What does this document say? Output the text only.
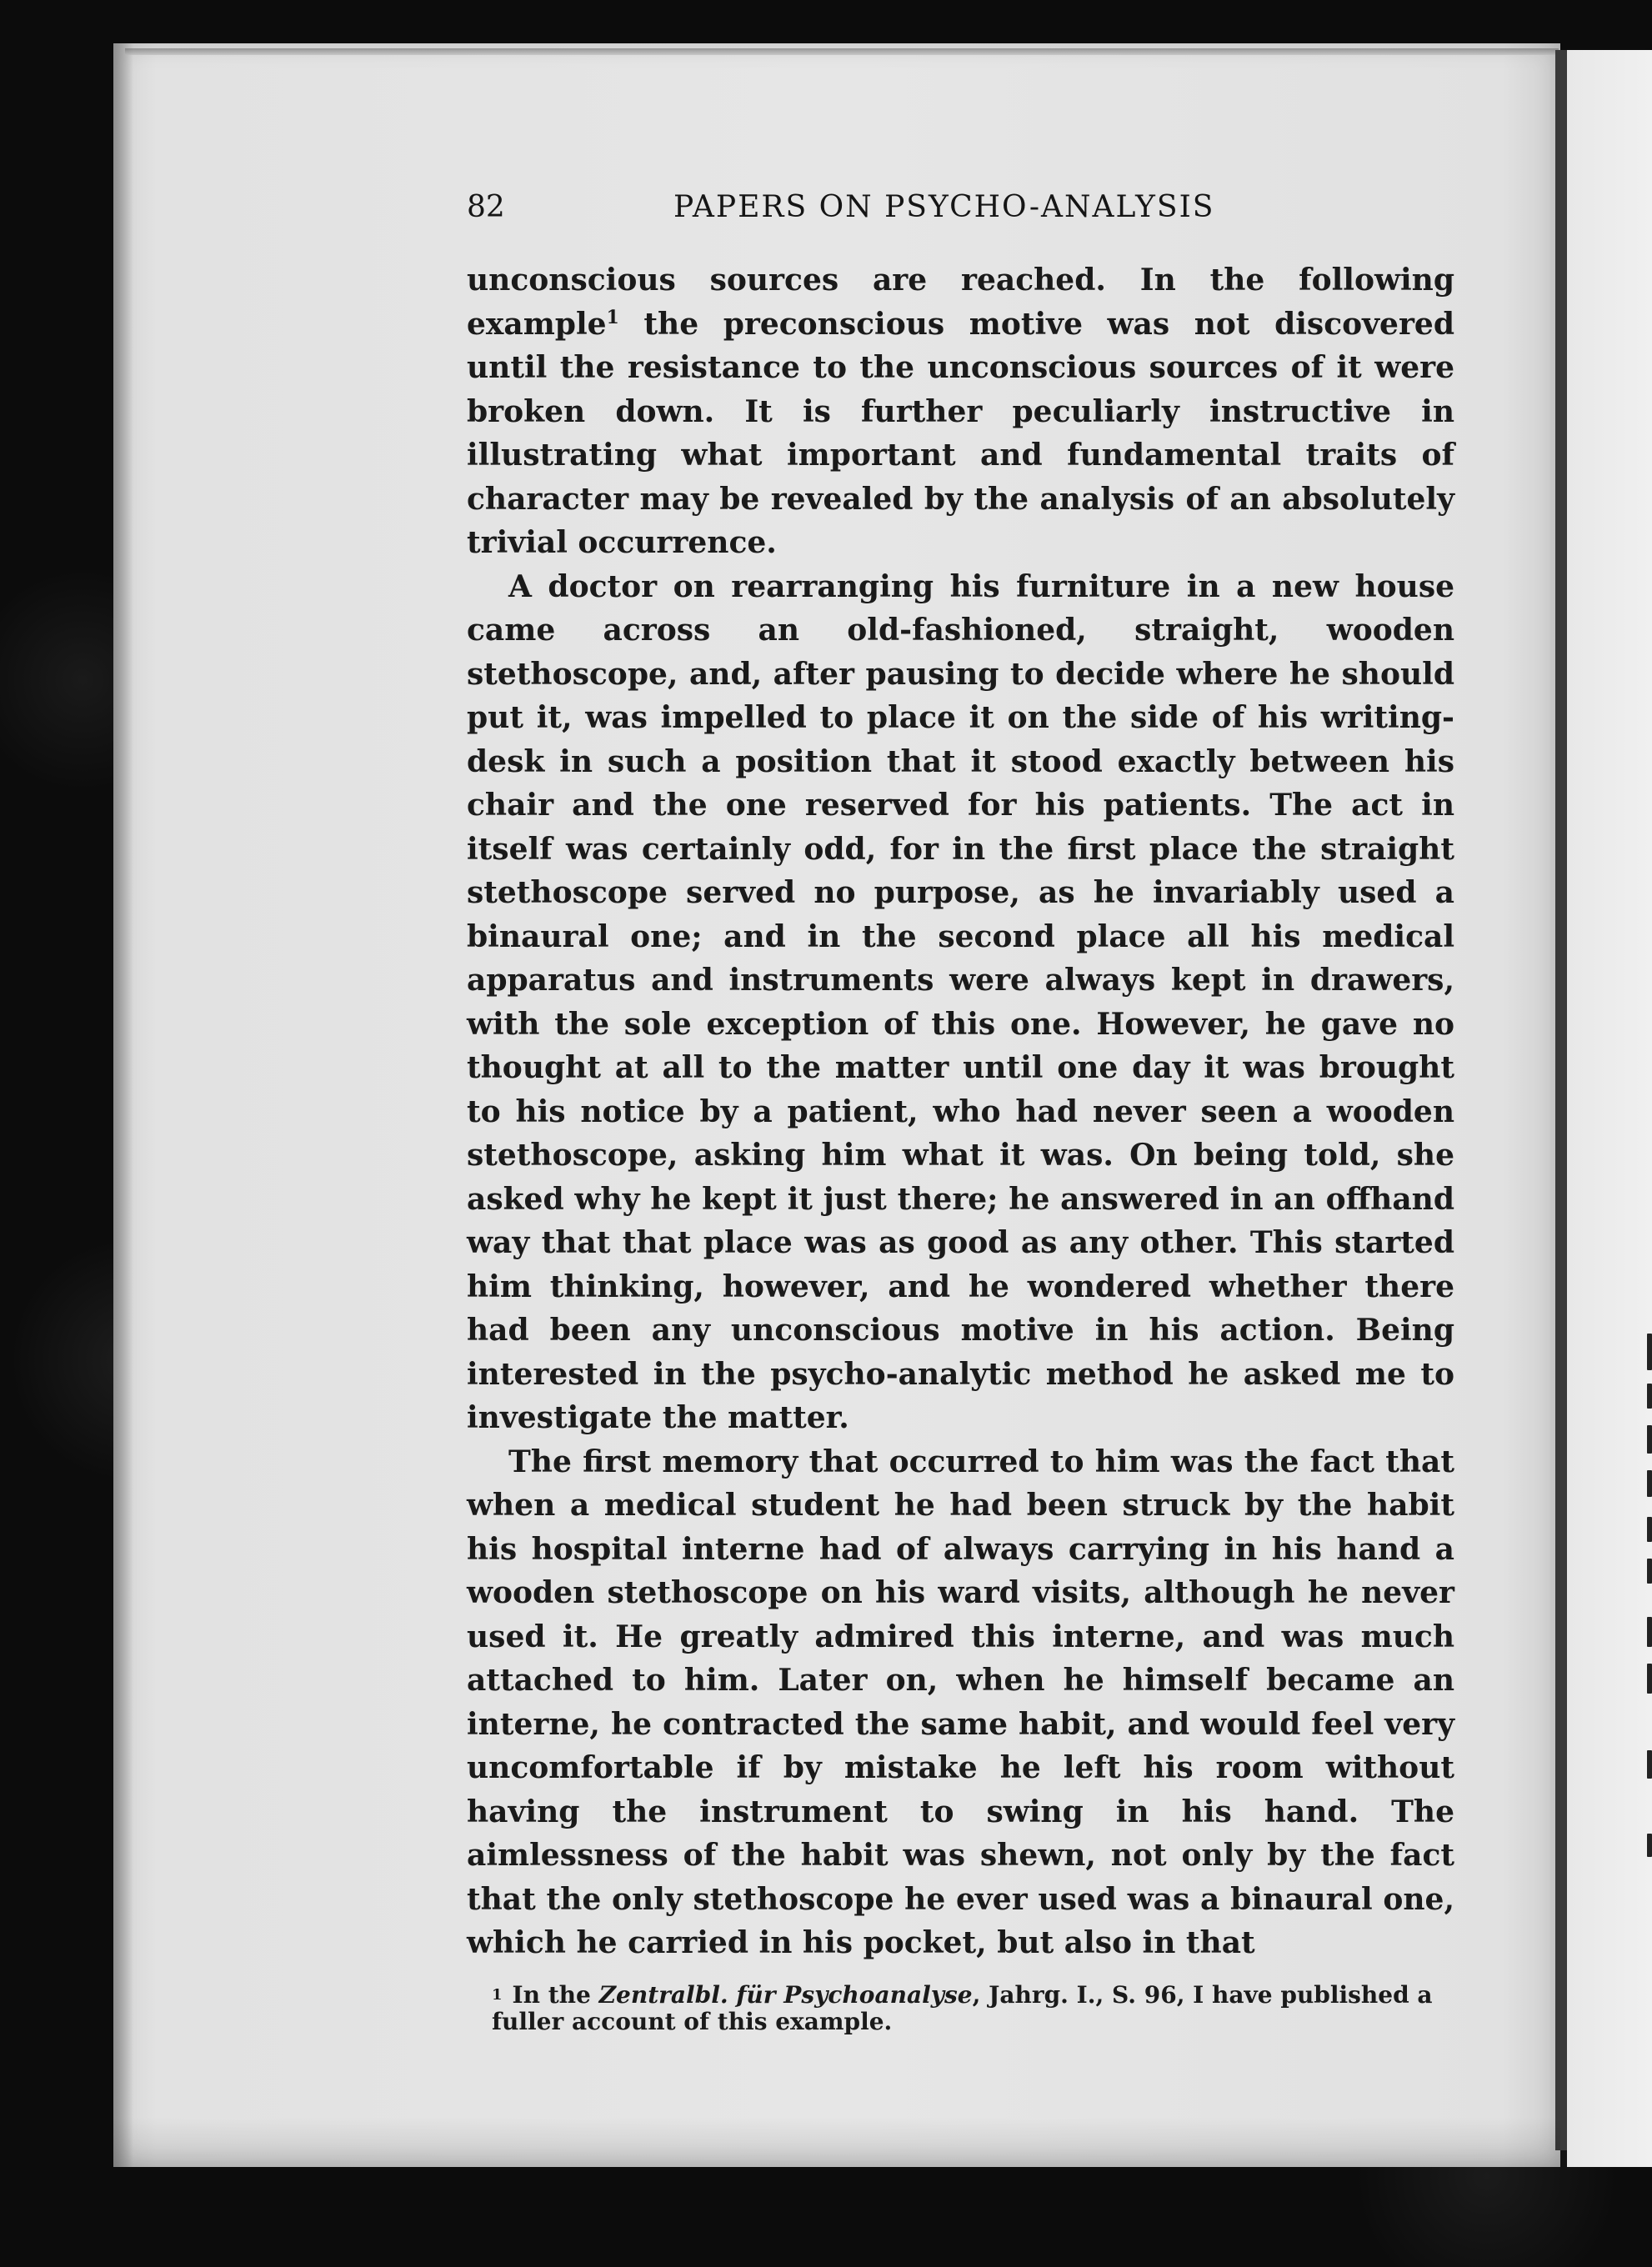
82	PAPERS ON PSYCHO-ANALYSIS

unconscious sources are reached. In the following example$^1$ the preconscious motive was not discovered until the resistance to the unconscious sources of it were broken down. It is further peculiarly instructive in illustrating what important and fundamental traits of character may be revealed by the analysis of an absolutely trivial occurrence.

A doctor on rearranging his furniture in a new house came across an old-fashioned, straight, wooden stethoscope, and, after pausing to decide where he should put it, was impelled to place it on the side of his writing-desk in such a position that it stood exactly between his chair and the one reserved for his patients. The act in itself was certainly odd, for in the first place the straight stethoscope served no purpose, as he invariably used a binaural one; and in the second place all his medical apparatus and instruments were always kept in drawers, with the sole exception of this one. However, he gave no thought at all to the matter until one day it was brought to his notice by a patient, who had never seen a wooden stethoscope, asking him what it was. On being told, she asked why he kept it just there; he answered in an offhand way that that place was as good as any other. This started him thinking, however, and he wondered whether there had been any unconscious motive in his action. Being interested in the psycho-analytic method he asked me to investigate the matter.

The first memory that occurred to him was the fact that when a medical student he had been struck by the habit his hospital interne had of always carrying in his hand a wooden stethoscope on his ward visits, although he never used it. He greatly admired this interne, and was much attached to him. Later on, when he himself became an interne, he contracted the same habit, and would feel very uncomfortable if by mistake he left his room without having the instrument to swing in his hand. The aimlessness of the habit was shewn, not only by the fact that the only stethoscope he ever used was a binaural one, which he carried in his pocket, but also in that

$^1$ In the Zentralbl. für Psychoanalyse, Jahrg. I., S. 96, I have published a fuller account of this example.
